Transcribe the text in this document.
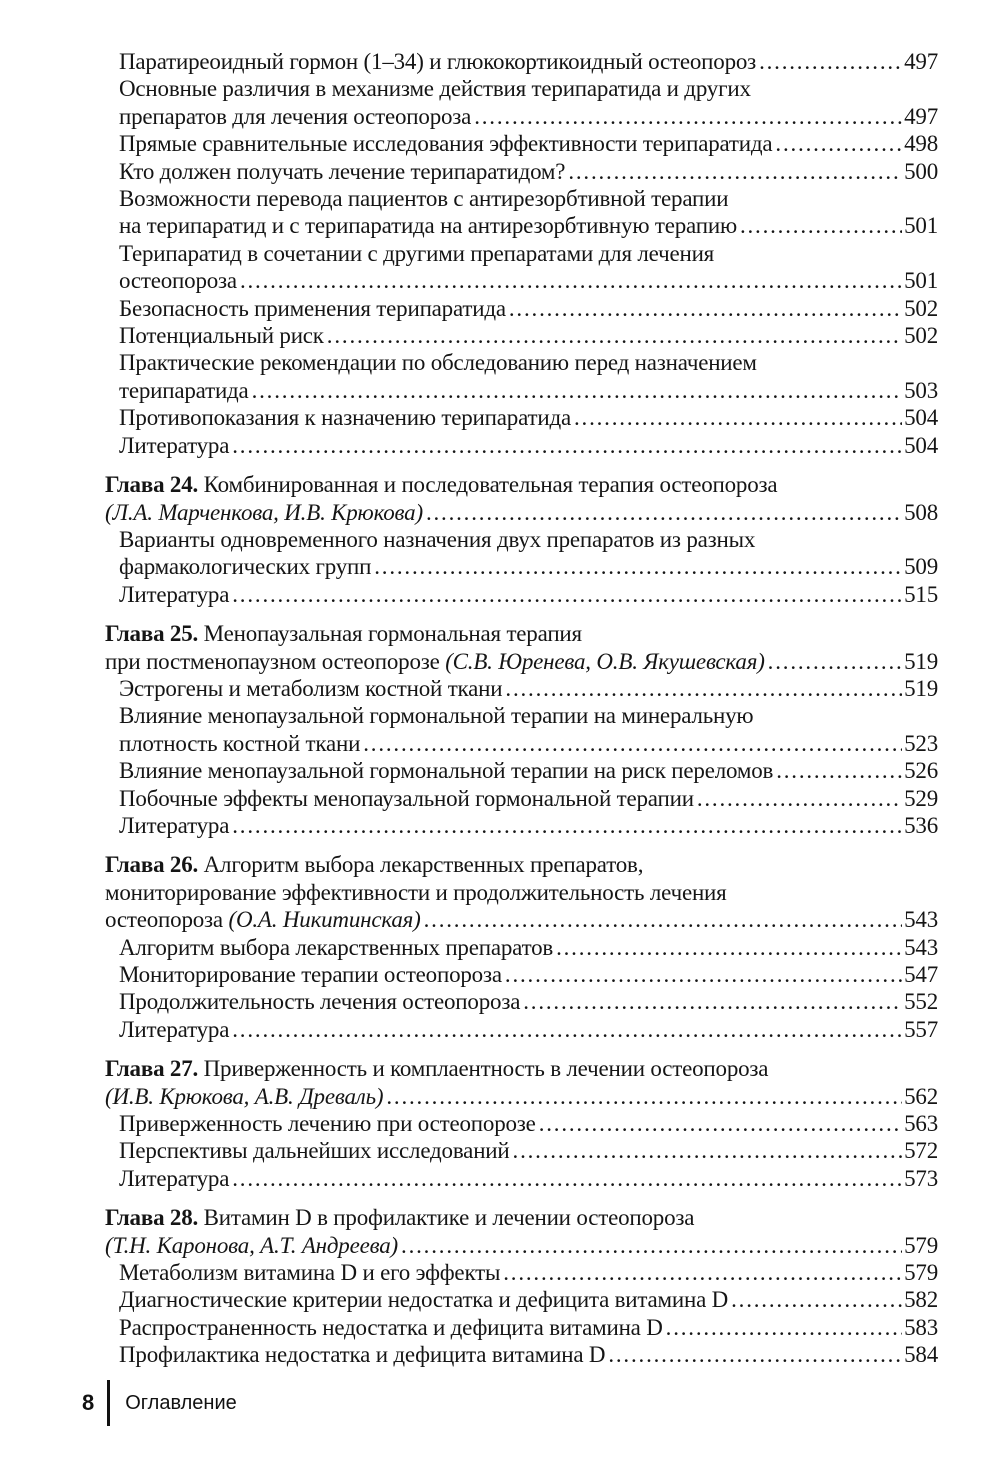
Паратиреоидный гормон (1–34) и глюкокортикоидный остеопороз .....	497
Основные различия в механизме действия терипаратида и других
препаратов для лечения остеопороза .....	497
Прямые сравнительные исследования эффективности терипаратида .....	498
Кто должен получать лечение терипаратидом? .....	500
Возможности перевода пациентов с антирезорбтивной терапии
на терипаратид и с терипаратида на антирезорбтивную терапию .....	501
Терипаратид в сочетании с другими препаратами для лечения
остеопороза .....	501
Безопасность применения терипаратида .....	502
Потенциальный риск .....	502
Практические рекомендации по обследованию перед назначением
терипаратида .....	503
Противопоказания к назначению терипаратида .....	504
Литература .....	504
Глава 24. Комбинированная и последовательная терапия остеопороза
(Л.А. Марченкова, И.В. Крюкова) .....	508
Варианты одновременного назначения двух препаратов из разных
фармакологических групп .....	509
Литература .....	515
Глава 25. Менопаузальная гормональная терапия
при постменопаузном остеопорозе (С.В. Юренева, О.В. Якушевская) .....	519
Эстрогены и метаболизм костной ткани .....	519
Влияние менопаузальной гормональной терапии на минеральную
плотность костной ткани .....	523
Влияние менопаузальной гормональной терапии на риск переломов .....	526
Побочные эффекты менопаузальной гормональной терапии .....	529
Литература .....	536
Глава 26. Алгоритм выбора лекарственных препаратов,
мониторирование эффективности и продолжительность лечения
остеопороза (О.А. Никитинская) .....	543
Алгоритм выбора лекарственных препаратов .....	543
Мониторирование терапии остеопороза .....	547
Продолжительность лечения остеопороза .....	552
Литература .....	557
Глава 27. Приверженность и комплаентность в лечении остеопороза
(И.В. Крюкова, А.В. Древаль) .....	562
Приверженность лечению при остеопорозе .....	563
Перспективы дальнейших исследований .....	572
Литература .....	573
Глава 28. Витамин D в профилактике и лечении остеопороза
(Т.Н. Каронова, А.Т. Андреева) .....	579
Метаболизм витамина D и его эффекты .....	579
Диагностические критерии недостатка и дефицита витамина D .....	582
Распространенность недостатка и дефицита витамина D .....	583
Профилактика недостатка и дефицита витамина D .....	584
8 Оглавление
